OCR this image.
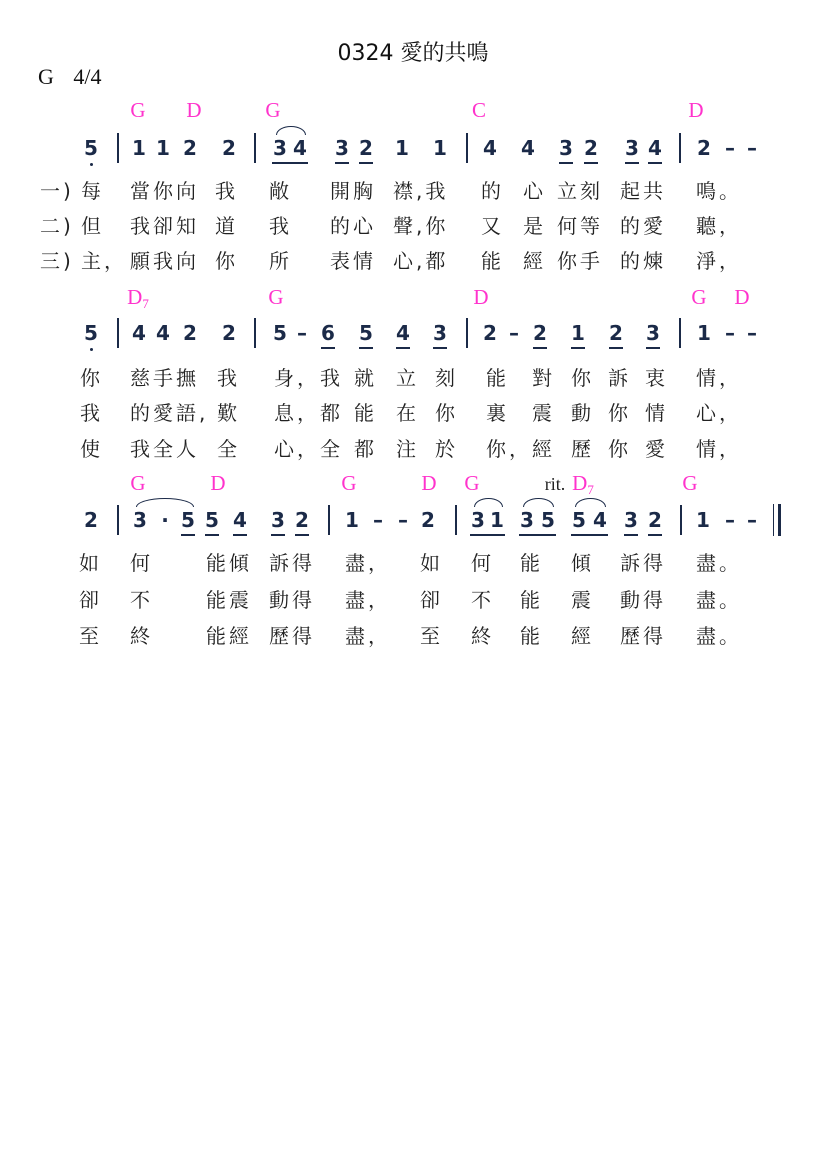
0324 愛的共鳴
G 4/4
G D	G	C	D
5 1 1 2 2 3 4 3 2 1 1 4 4 3 2 3 4 2 – –
一) 每 當你向 我 敞 開胸 襟,我 的 心 立刻 起共 鳴。
二) 但 我卻知 道 我 的心 聲,你 又 是 何等 的愛 聽，
三) 主， 願我向 你 所 表情 心,都 能 經 你手 的煉 淨，
$D_7$	G	D	G D
5 4 4 2 2 5 – 6 5 4 3 2 – 2 1 2 3 1 – –
你 慈手撫 我 身， 我 就 立 刻 能 對 你 訴 衷 情，
我 的愛語, 歎 息， 都 能 在 你 裏 震 動 你 情 心，
使 我全人 全 心， 全 都 注 於 你， 經 歷 你 愛 情，
G	D	G	D G	$D_7$	G
rit.
2 3 · 5 5 4 3 2 1 – – 2 3 1 3 5 5 4 3 2 1 – –
如 何	能傾 訴得 盡， 如 何 能 傾 訴得 盡。
卻 不	能震 動得 盡， 卻 不 能 震 動得 盡。
至 終	能經 歷得 盡， 至 終 能 經 歷得 盡。
